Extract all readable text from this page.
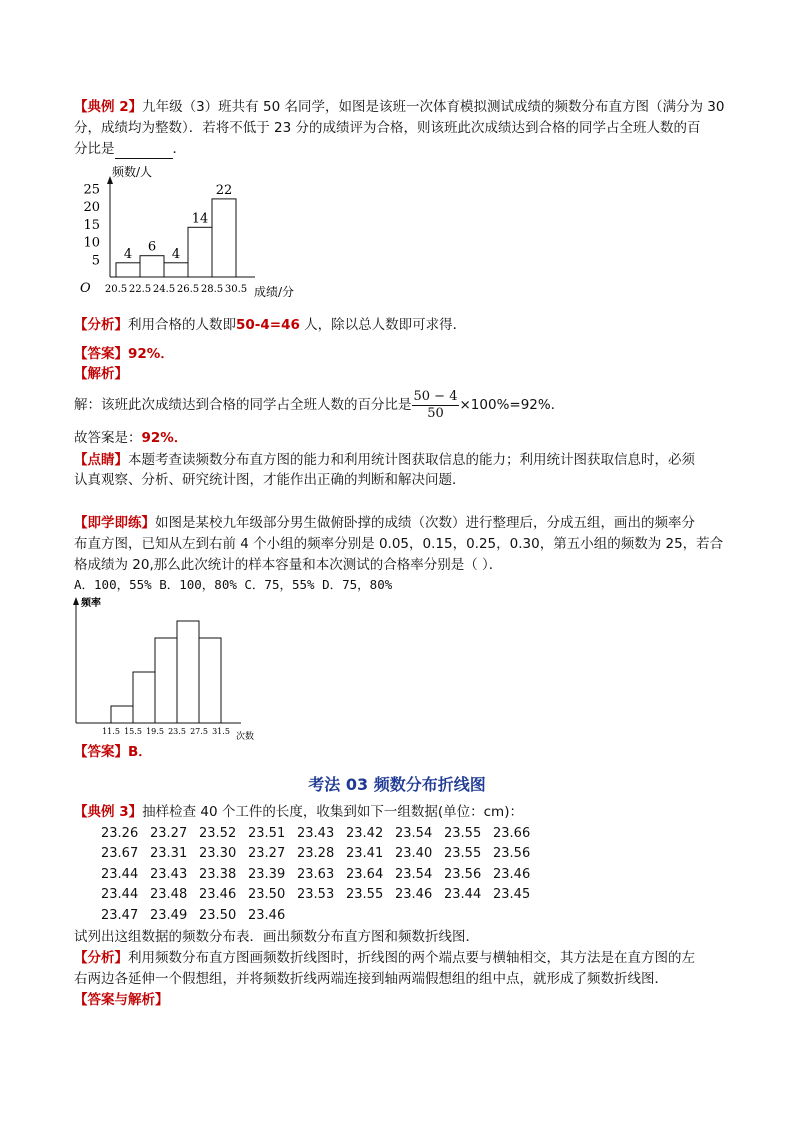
【典例 2】九年级（3）班共有 50 名同学，如图是该班一次体育模拟测试成绩的频数分布直方图（满分为 30
分，成绩均为整数）．若将不低于 23 分的成绩评为合格，则该班此次成绩达到合格的同学占全班人数的百
分比是	．
频数/人
成绩/分
O
5
10
15
20
25
4 6 4
14
22
20.5 22.5 24.5 26.5 28.5 30.5
【分析】利用合格的人数即50-4=46 人，除以总人数即可求得．
【答案】92%．
【解析】
解：该班此次成绩达到合格的同学占全班人数的百分比是 $\frac{50 - 4}{50} \times 100\%=92\%$．
故答案是：92%．
【点睛】本题考查读频数分布直方图的能力和利用统计图获取信息的能力；利用统计图获取信息时，必须
认真观察、分析、研究统计图，才能作出正确的判断和解决问题．
【即学即练】如图是某校九年级部分男生做俯卧撑的成绩（次数）进行整理后，分成五组，画出的频率分
布直方图，已知从左到右前 4 个小组的频率分别是 0.05，0.15，0.25，0.30，第五小组的频数为 25，若合
格成绩为 20,那么此次统计的样本容量和本次测试的合格率分别是（ ）．
A．100，55% B．100，80% C．75，55% D．75，80%
频率
次数
11.5 15.5 19.5 23.5 27.5 31.5
【答案】B．
考法 03 频数分布折线图
【典例 3】抽样检查 40 个工件的长度，收集到如下一组数据(单位：cm)：
23.26	23.27	23.52	23.51	23.43	23.42	23.54	23.55	23.66
23.67	23.31	23.30	23.27	23.28	23.41	23.40	23.55	23.56
23.44	23.43	23.38	23.39	23.63	23.64	23.54	23.56	23.46
23.44	23.48	23.46	23.50	23.53	23.55	23.46	23.44	23.45
23.47	23.49	23.50	23.46					
试列出这组数据的频数分布表．画出频数分布直方图和频数折线图．
【分析】利用频数分布直方图画频数折线图时，折线图的两个端点要与横轴相交，其方法是在直方图的左
右两边各延伸一个假想组，并将频数折线两端连接到轴两端假想组的组中点，就形成了频数折线图．
【答案与解析】
